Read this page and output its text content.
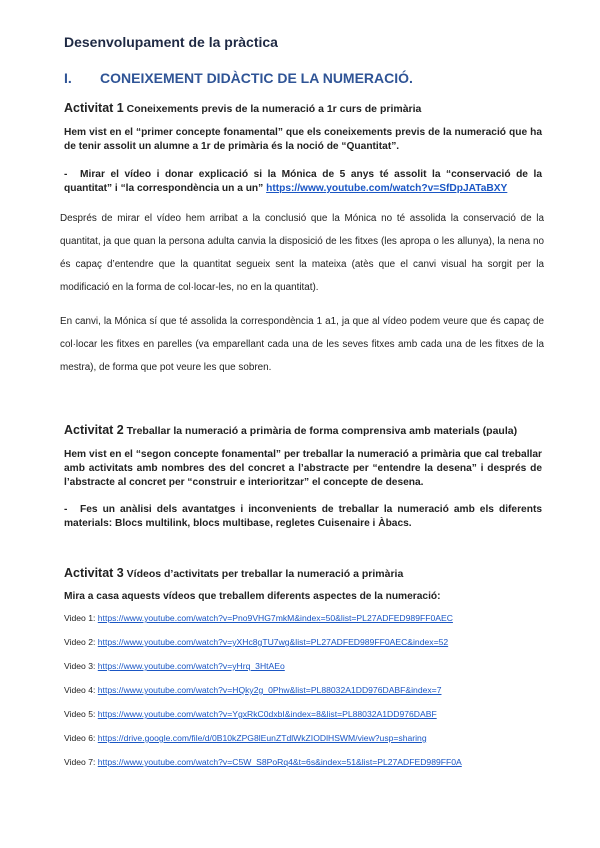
Desenvolupament de la pràctica
I. CONEIXEMENT DIDÀCTIC DE LA NUMERACIÓ.
Activitat 1 Coneixements previs de la numeració a 1r curs de primària
Hem vist en el “primer concepte fonamental” que els coneixements previs de la numeració que ha de tenir assolit un alumne a 1r de primària és la noció de “Quantitat”.
- Mirar el vídeo i donar explicació si la Mónica de 5 anys té assolit la “conservació de la quantitat” i “la correspondència un a un” https://www.youtube.com/watch?v=SfDpJATaBXY
Després de mirar el vídeo hem arribat a la conclusió que la Mónica no té assolida la conservació de la quantitat, ja que quan la persona adulta canvia la disposició de les fitxes (les apropa o les allunya), la nena no és capaç d’entendre que la quantitat segueix sent la mateixa (atès que el canvi visual ha sorgit per la modificació en la forma de col·locar-les, no en la quantitat).
En canvi, la Mónica sí que té assolida la correspondència 1 a1, ja que al vídeo podem veure que és capaç de col·locar les fitxes en parelles (va emparellant cada una de les seves fitxes amb cada una de les fitxes de la mestra), de forma que pot veure les que sobren.
Activitat 2 Treballar la numeració a primària de forma comprensiva amb materials (paula)
Hem vist en el “segon concepte fonamental” per treballar la numeració a primària que cal treballar amb activitats amb nombres des del concret a l’abstracte per “entendre la desena” i després de l’abstracte al concret per “construir e interioritzar” el concepte de desena.
- Fes un anàlisi dels avantatges i inconvenients de treballar la numeració amb els diferents materials: Blocs multilink, blocs multibase, regletes Cuisenaire i Àbacs.
Activitat 3 Vídeos d’activitats per treballar la numeració a primària
Mira a casa aquests vídeos que treballem diferents aspectes de la numeració:
Video 1: https://www.youtube.com/watch?v=Pno9VHG7mkM&index=50&list=PL27ADFED989FF0AEC
Video 2: https://www.youtube.com/watch?v=yXHc8gTU7wg&list=PL27ADFED989FF0AEC&index=52
Video 3: https://www.youtube.com/watch?v=yHrq_3HtAEo
Video 4: https://www.youtube.com/watch?v=HQky2g_0Phw&list=PL88032A1DD976DABF&index=7
Video 5: https://www.youtube.com/watch?v=YgxRkC0dxbI&index=8&list=PL88032A1DD976DABF
Video 6: https://drive.google.com/file/d/0B10kZPG8lEunZTdlWkZIODlHSWM/view?usp=sharing
Video 7: https://www.youtube.com/watch?v=C5W_S8PoRq4&t=6s&index=51&list=PL27ADFED989FF0A
